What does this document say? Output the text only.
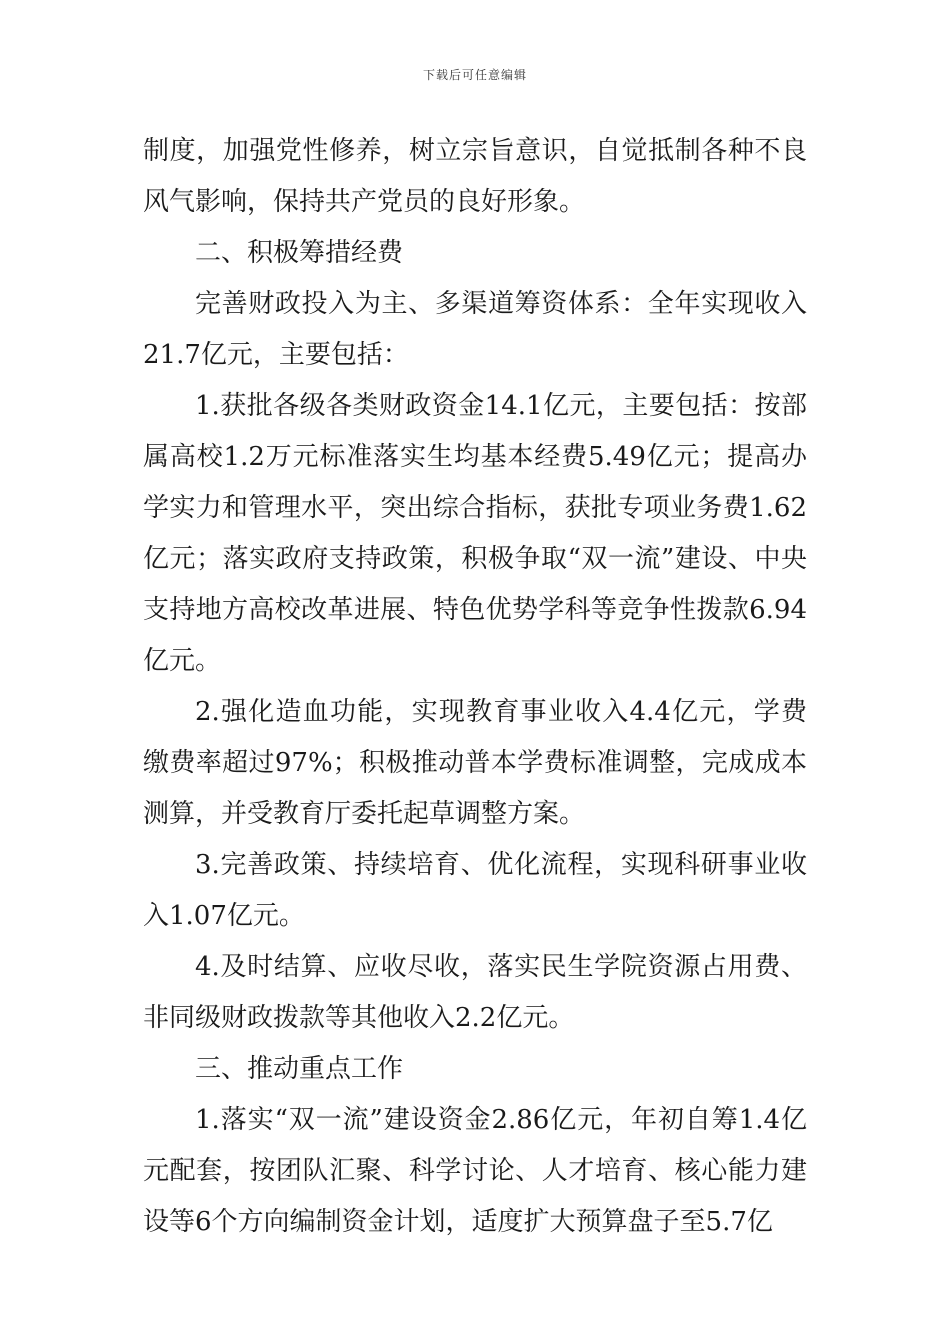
下载后可任意编辑

制度，加强党性修养，树立宗旨意识，自觉抵制各种不良风气影响，保持共产党员的良好形象。

二、积极筹措经费

完善财政投入为主、多渠道筹资体系：全年实现收入21.7亿元，主要包括：

1.获批各级各类财政资金14.1亿元，主要包括：按部属高校1.2万元标准落实生均基本经费5.49亿元；提高办学实力和管理水平，突出综合指标，获批专项业务费1.62亿元；落实政府支持政策，积极争取“双一流”建设、中央支持地方高校改革进展、特色优势学科等竞争性拨款6.94亿元。

2.强化造血功能，实现教育事业收入4.4亿元，学费缴费率超过97%；积极推动普本学费标准调整，完成成本测算，并受教育厅委托起草调整方案。

3.完善政策、持续培育、优化流程，实现科研事业收入1.07亿元。

4.及时结算、应收尽收，落实民生学院资源占用费、非同级财政拨款等其他收入2.2亿元。

三、推动重点工作

1.落实“双一流”建设资金2.86亿元，年初自筹1.4亿元配套，按团队汇聚、科学讨论、人才培育、核心能力建设等6个方向编制资金计划，适度扩大预算盘子至5.7亿
